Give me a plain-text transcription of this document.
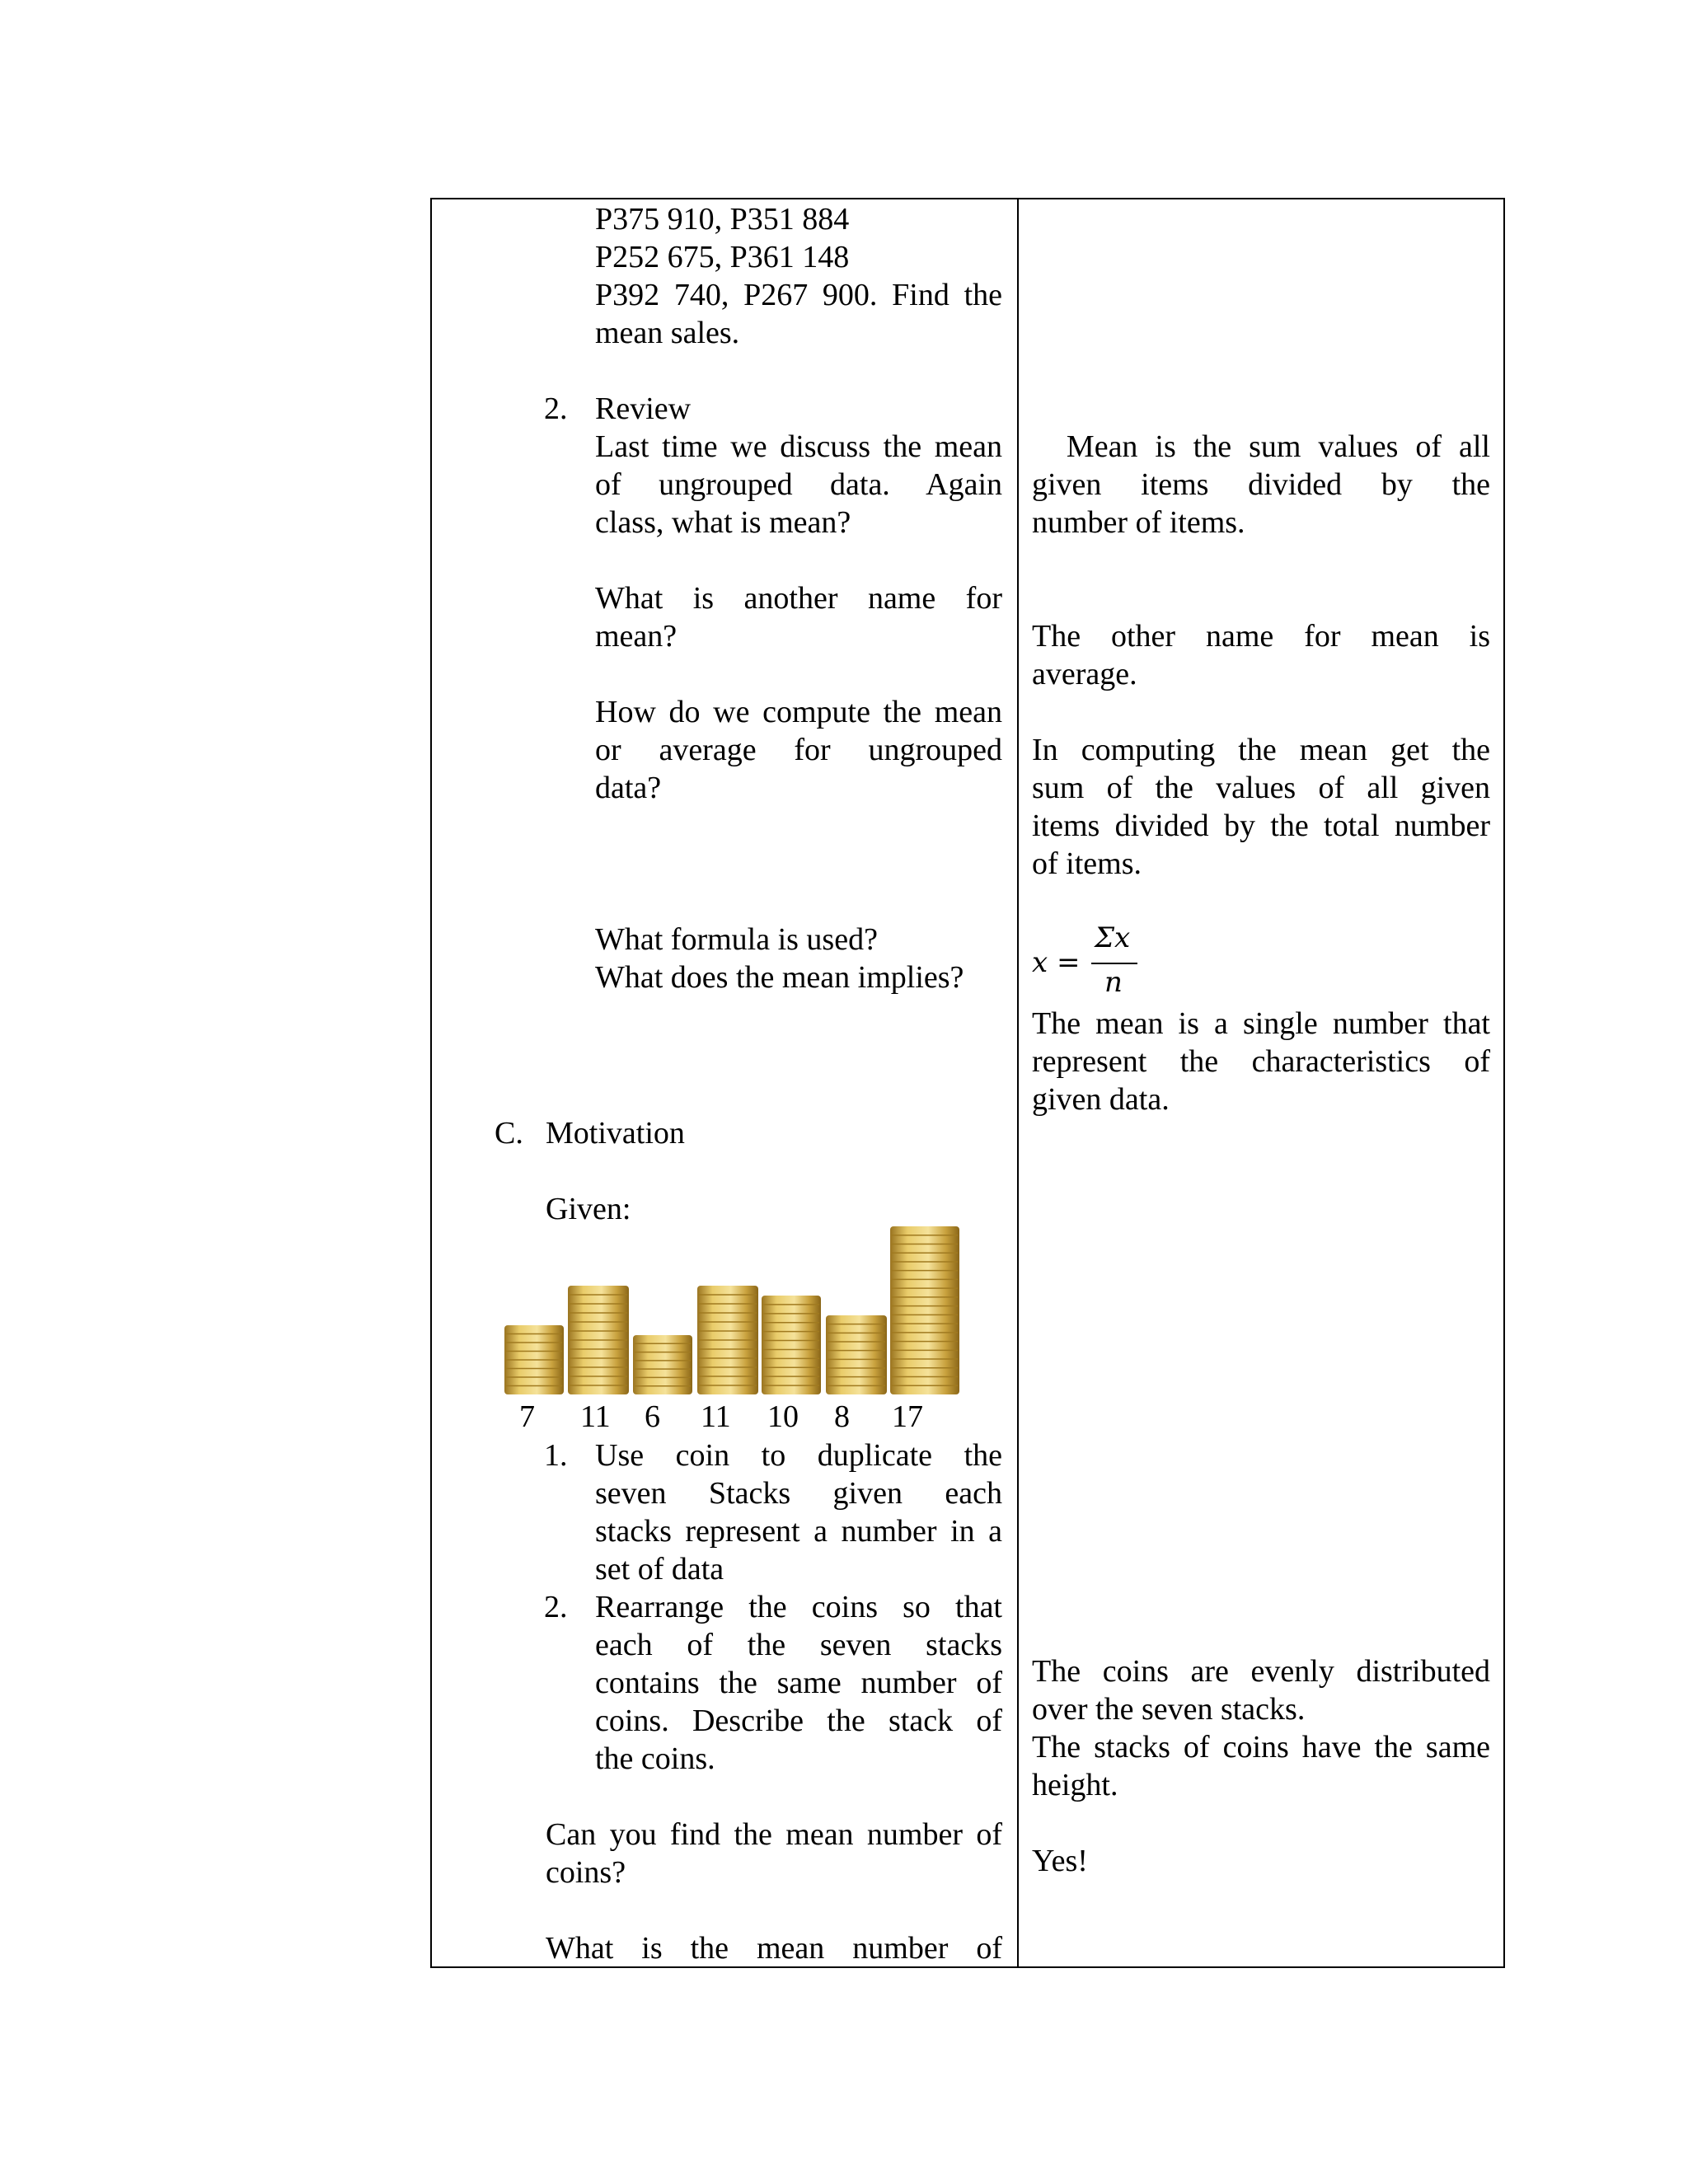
P375 910, P351 884
P252 675, P361 148
P392 740, P267 900. Find the
mean sales.
2. Review
Last time we discuss the mean
of ungrouped data. Again
class, what is mean?
What is another name for
mean?
How do we compute the mean
or average for ungrouped
data?
What formula is used?
What does the mean implies?
C. Motivation
Given:
7 11 6 11 10 8 17
1. Use coin to duplicate the
seven Stacks given each
stacks represent a number in a
set of data
2. Rearrange the coins so that
each of the seven stacks
contains the same number of
coins. Describe the stack of
the coins.
Can you find the mean number of
coins?
What is the mean number of
Mean is the sum values of all
given items divided by the
number of items.
The other name for mean is
average.
In computing the mean get the
sum of the values of all given
items divided by the total number
of items.
x =
Σx
n
The mean is a single number that
represent the characteristics of
given data.
The coins are evenly distributed
over the seven stacks.
The stacks of coins have the same
height.
Yes!
